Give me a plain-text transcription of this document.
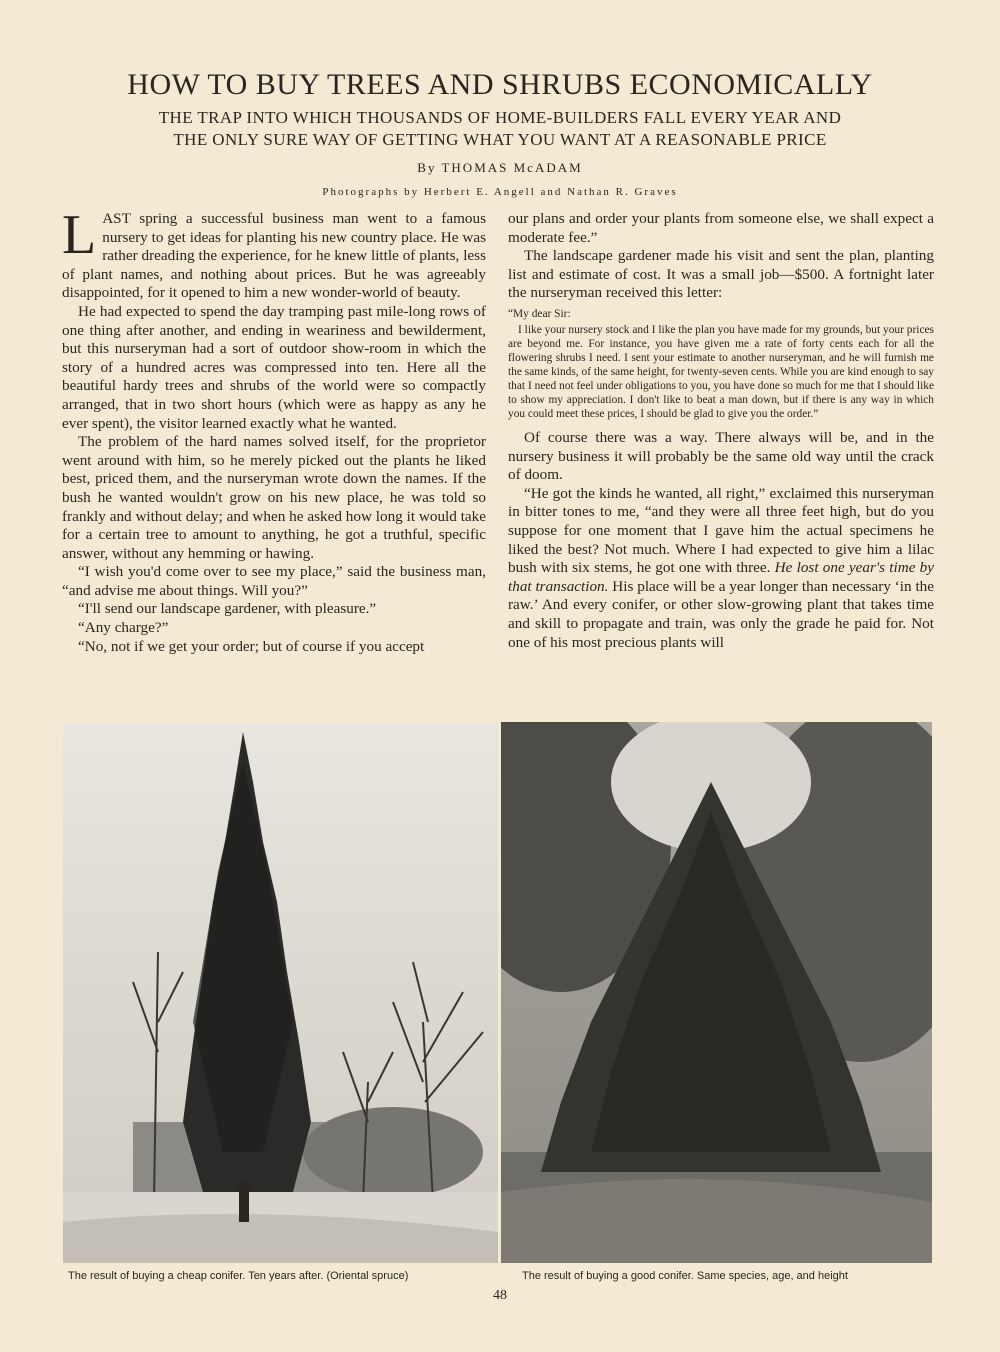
HOW TO BUY TREES AND SHRUBS ECONOMICALLY
THE TRAP INTO WHICH THOUSANDS OF HOME-BUILDERS FALL EVERY YEAR AND
THE ONLY SURE WAY OF GETTING WHAT YOU WANT AT A REASONABLE PRICE
By THOMAS McADAM
Photographs by Herbert E. Angell and Nathan R. Graves

LAST spring a successful business man went to a famous nursery to get ideas for planting his new country place. He was rather dreading the experience, for he knew little of plants, less of plant names, and nothing about prices. But he was agreeably disappointed, for it opened to him a new wonder-world of beauty.

He had expected to spend the day tramping past mile-long rows of one thing after another, and ending in weariness and bewilderment, but this nurseryman had a sort of outdoor show-room in which the story of a hundred acres was compressed into ten. Here all the beautiful hardy trees and shrubs of the world were so compactly arranged, that in two short hours (which were as happy as any he ever spent), the visitor learned exactly what he wanted.

The problem of the hard names solved itself, for the proprietor went around with him, so he merely picked out the plants he liked best, priced them, and the nurseryman wrote down the names. If the bush he wanted wouldn't grow on his new place, he was told so frankly and without delay; and when he asked how long it would take for a certain tree to amount to anything, he got a truthful, specific answer, without any hemming or hawing.

“I wish you'd come over to see my place,” said the business man, “and advise me about things. Will you?”

“I'll send our landscape gardener, with pleasure.”

“Any charge?”

“No, not if we get your order; but of course if you accept

our plans and order your plants from someone else, we shall expect a moderate fee.”

The landscape gardener made his visit and sent the plan, planting list and estimate of cost. It was a small job—$500. A fortnight later the nurseryman received this letter:

“My dear Sir:

I like your nursery stock and I like the plan you have made for my grounds, but your prices are beyond me. For instance, you have given me a rate of forty cents each for all the flowering shrubs I need. I sent your estimate to another nurseryman, and he will furnish me the same kinds, of the same height, for twenty-seven cents. While you are kind enough to say that I need not feel under obligations to you, you have done so much for me that I should like to show my appreciation. I don't like to beat a man down, but if there is any way in which you could meet these prices, I should be glad to give you the order.”

Of course there was a way. There always will be, and in the nursery business it will probably be the same old way until the crack of doom.

“He got the kinds he wanted, all right,” exclaimed this nurseryman in bitter tones to me, “and they were all three feet high, but do you suppose for one moment that I gave him the actual specimens he liked the best? Not much. Where I had expected to give him a lilac bush with six stems, he got one with three. He lost one year's time by that transaction. His place will be a year longer than necessary ‘in the raw.’ And every conifer, or other slow-growing plant that takes time and skill to propagate and train, was only the grade he paid for. Not one of his most precious plants will

The result of buying a cheap conifer. Ten years after. (Oriental spruce)	The result of buying a good conifer. Same species, age, and height
48
